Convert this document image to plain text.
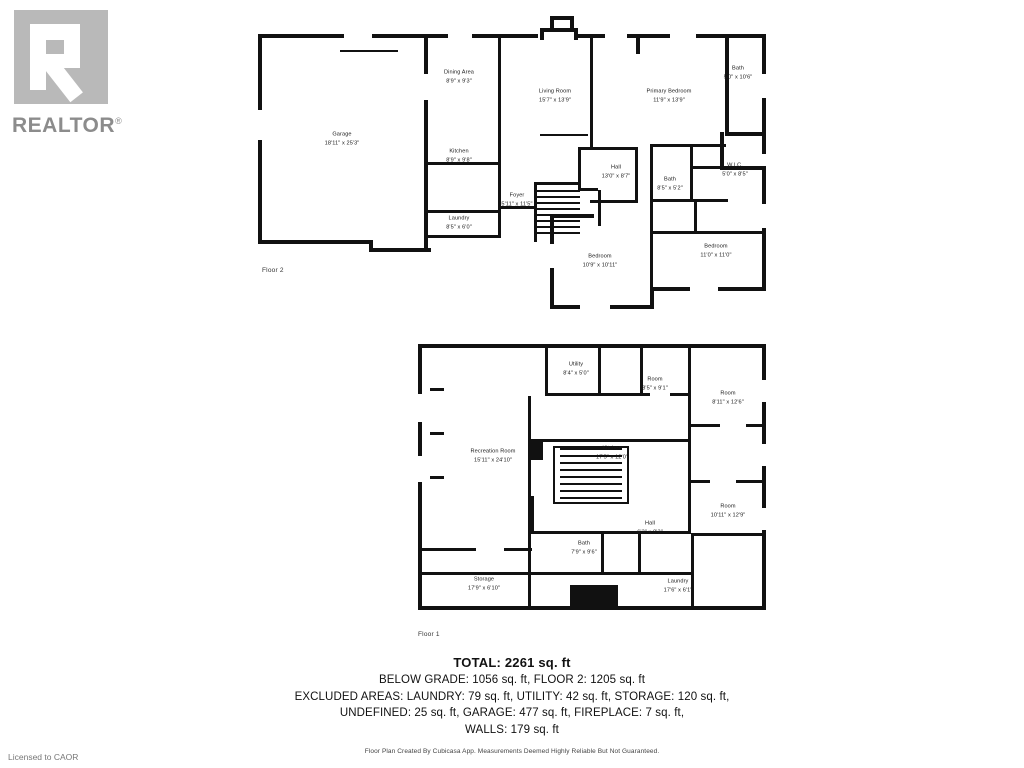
REALTOR®
Garage
18'11" x 25'3"
Dining Area
8'9" x 9'3"
Kitchen
8'9" x 9'8"
Living Room
15'7" x 13'9"
Primary Bedroom
11'9" x 13'9"
Bath
5'0" x 10'6"
W.I.C.
5'0" x 8'5"
Hall
13'0" x 8'7"
Bath
8'5" x 5'2"
Foyer
5'11" x 11'5"
Laundry
8'5" x 6'0"
Bedroom
10'9" x 10'11"
Bedroom
11'0" x 11'0"
Floor 2
Utility
8'4" x 5'0"
Room
8'5" x 9'1"
Room
8'11" x 12'6"
Recreation Room
15'11" x 24'10"
Kitchen
17'5" x 12'0"
Room
10'11" x 12'9"
Hall
6'3" x 8'3"
Bath
7'9" x 9'6"
Storage
17'9" x 6'10"
Laundry
17'6" x 6'1"
Floor 1
TOTAL: 2261 sq. ft
BELOW GRADE: 1056 sq. ft, FLOOR 2: 1205 sq. ft
EXCLUDED AREAS: LAUNDRY: 79 sq. ft, UTILITY: 42 sq. ft, STORAGE: 120 sq. ft,
UNDEFINED: 25 sq. ft, GARAGE: 477 sq. ft, FIREPLACE: 7 sq. ft,
WALLS: 179 sq. ft
Floor Plan Created By Cubicasa App. Measurements Deemed Highly Reliable But Not Guaranteed.
Licensed to CAOR
